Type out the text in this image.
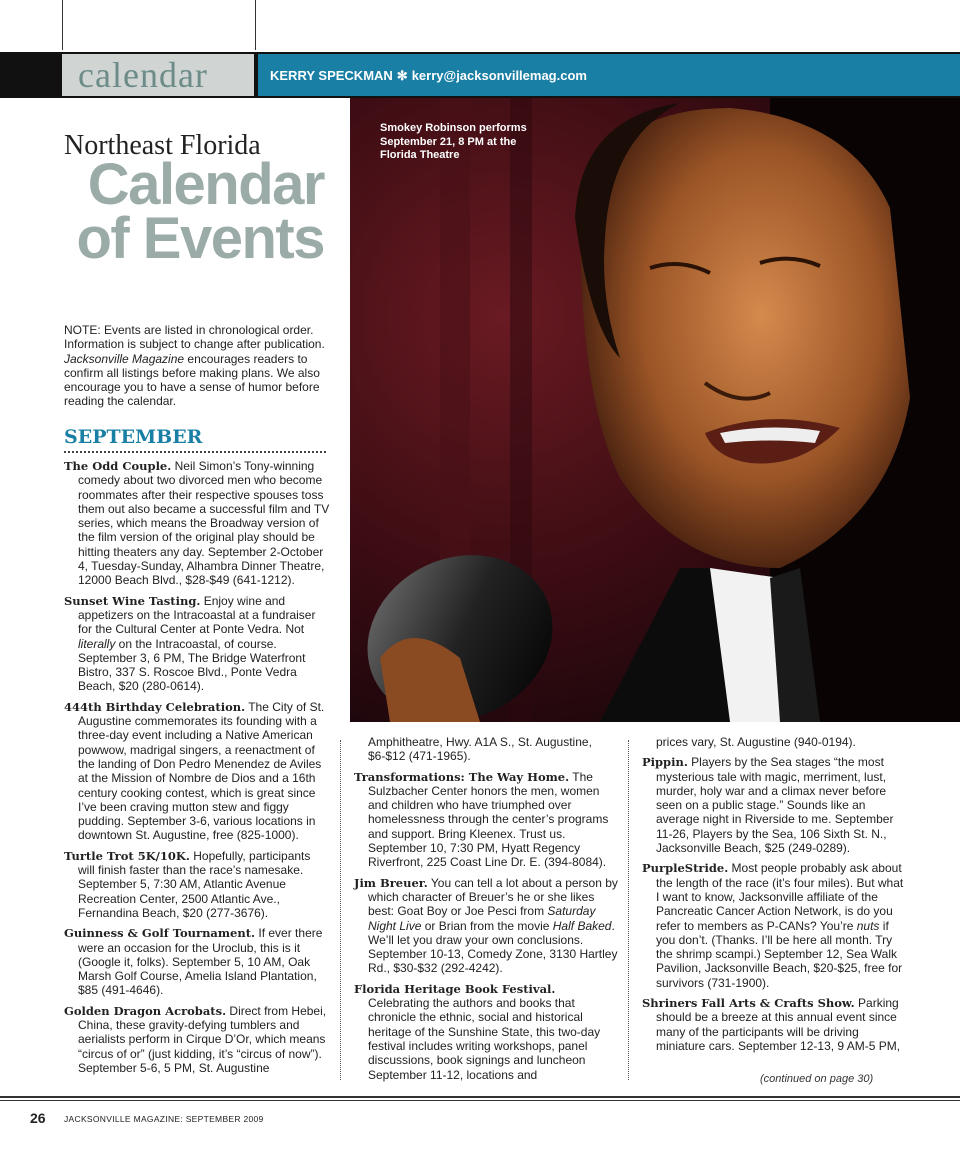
calendar	KERRY SPECKMAN ✻ kerry@jacksonvillemag.com
Smokey Robinson performs September 21, 8 PM at the Florida Theatre
Northeast Florida
Calendar
of Events
NOTE: Events are listed in chronological order. Information is subject to change after publication. Jacksonville Magazine encourages readers to confirm all listings before making plans. We also encourage you to have a sense of humor before reading the calendar.
SEPTEMBER

The Odd Couple. Neil Simon’s Tony-winning comedy about two divorced men who become roommates after their respective spouses toss them out also became a successful film and TV series, which means the Broadway version of the film version of the original play should be hitting theaters any day. September 2-October 4, Tuesday-Sunday, Alhambra Dinner Theatre, 12000 Beach Blvd., $28-$49 (641-1212).

Sunset Wine Tasting. Enjoy wine and appetizers on the Intracoastal at a fundraiser for the Cultural Center at Ponte Vedra. Not literally on the Intracoastal, of course. September 3, 6 PM, The Bridge Waterfront Bistro, 337 S. Roscoe Blvd., Ponte Vedra Beach, $20 (280-0614).

444th Birthday Celebration. The City of St. Augustine commemorates its founding with a three-day event including a Native American powwow, madrigal singers, a reenactment of the landing of Don Pedro Menendez de Aviles at the Mission of Nombre de Dios and a 16th century cooking contest, which is great since I’ve been craving mutton stew and figgy pudding. September 3-6, various locations in downtown St. Augustine, free (825-1000).

Turtle Trot 5K/10K. Hopefully, participants will finish faster than the race’s namesake. September 5, 7:30 AM, Atlantic Avenue Recreation Center, 2500 Atlantic Ave., Fernandina Beach, $20 (277-3676).

Guinness & Golf Tournament. If ever there were an occasion for the Uroclub, this is it (Google it, folks). September 5, 10 AM, Oak Marsh Golf Course, Amelia Island Plantation, $85 (491-4646).

Golden Dragon Acrobats. Direct from Hebei, China, these gravity-defying tumblers and aerialists perform in Cirque D’Or, which means “circus of or” (just kidding, it’s “circus of now”). September 5-6, 5 PM, St. Augustine

Amphitheatre, Hwy. A1A S., St. Augustine, $6-$12 (471-1965).

Transformations: The Way Home. The Sulzbacher Center honors the men, women and children who have triumphed over homelessness through the center’s programs and support. Bring Kleenex. Trust us. September 10, 7:30 PM, Hyatt Regency Riverfront, 225 Coast Line Dr. E. (394-8084).

Jim Breuer. You can tell a lot about a person by which character of Breuer’s he or she likes best: Goat Boy or Joe Pesci from Saturday Night Live or Brian from the movie Half Baked. We’ll let you draw your own conclusions. September 10-13, Comedy Zone, 3130 Hartley Rd., $30-$32 (292-4242).

Florida Heritage Book Festival. Celebrating the authors and books that chronicle the ethnic, social and historical heritage of the Sunshine State, this two-day festival includes writing workshops, panel discussions, book signings and luncheon September 11-12, locations and

prices vary, St. Augustine (940-0194).

Pippin. Players by the Sea stages “the most mysterious tale with magic, merriment, lust, murder, holy war and a climax never before seen on a public stage.” Sounds like an average night in Riverside to me. September 11-26, Players by the Sea, 106 Sixth St. N., Jacksonville Beach, $25 (249-0289).

PurpleStride. Most people probably ask about the length of the race (it’s four miles). But what I want to know, Jacksonville affiliate of the Pancreatic Cancer Action Network, is do you refer to members as P-CANs? You’re nuts if you don’t. (Thanks. I’ll be here all month. Try the shrimp scampi.) September 12, Sea Walk Pavilion, Jacksonville Beach, $20-$25, free for survivors (731-1900).

Shriners Fall Arts & Crafts Show. Parking should be a breeze at this annual event since many of the participants will be driving miniature cars. September 12-13, 9 AM-5 PM,

(continued on page 30)
26 JACKSONVILLE MAGAZINE: SEPTEMBER 2009
